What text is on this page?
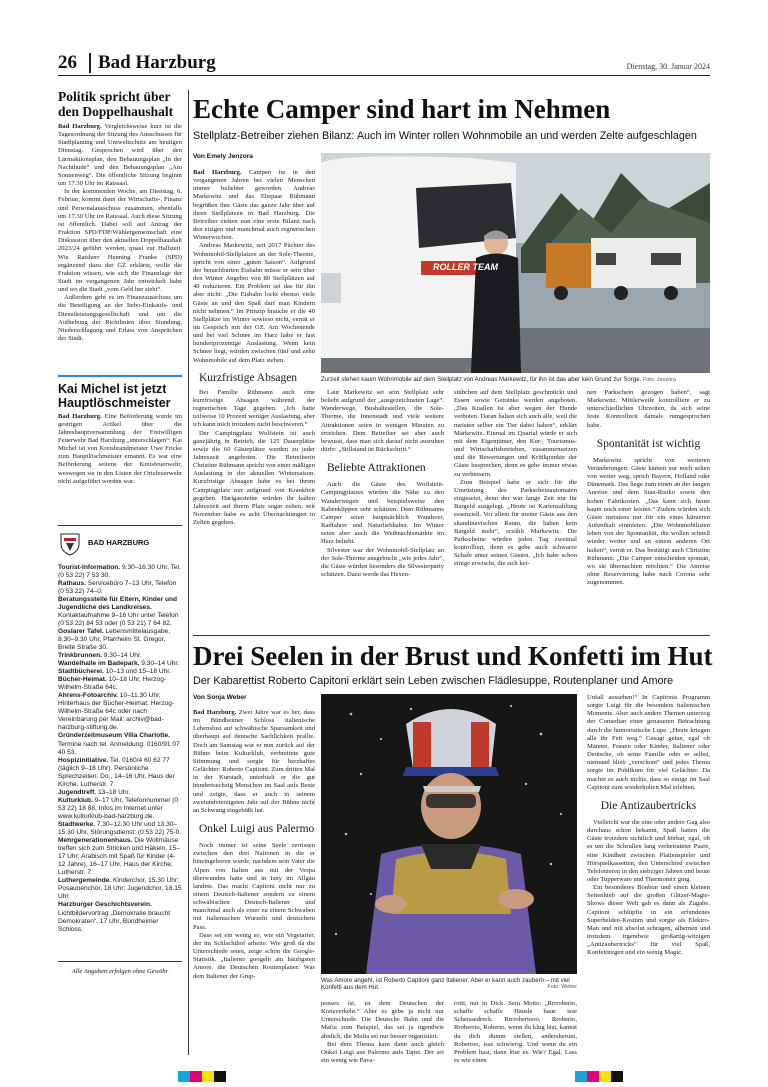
26 Bad Harzburg	Dienstag, 30. Januar 2024
Politik spricht über den Doppelhaushalt

Bad Harzburg. Vergleichsweise kurz ist die Tagesordnung der Sitzung des Ausschusses für Stadtplanung und Umweltschutz am heutigen Dienstag. Gesprochen wird über den Lärmaktionsplan, den Bebauungsplan „In der Nachthude“ und den Bebauungsplan „Am Sonnenweg“. Die öffentliche Sitzung beginnt um 17.30 Uhr im Ratssaal.

In der kommenden Woche, am Dienstag, 6. Februar, kommt dann der Wirtschafts-, Finanz und Personalausschuss zusammen, ebenfalls um 17.30 Uhr im Ratssaal. Auch diese Sitzung ist öffentlich. Dabei soll auf Antrag der Fraktion SPD/FDP/Wählergemeinschaft eine Diskussion über den aktuellen Doppelhaushalt 2023/24 geführt werden, quasi zur Halbzeit. Wie Ratsherr Henning Franke (SPD) ergänzend dazu der GZ erklärte, wolle die Fraktion wissen, wie sich die Finanzlage der Stadt im vergangenen Jahr entwickelt habe und wo die Stadt „vom Geld her steht“.

Außerdem geht es im Finanzausschuss um die Beteiligung an der Itebo-Einkaufs- und Dienstleistungsgesellschaft und um die Aufhebung der Richtlinien über Stundung, Niederschlagung und Erlass von Ansprüchen der Stadt.

Kai Michel ist jetzt Hauptlöschmeister

Bad Harzburg. Eine Beförderung wurde im gestrigen Artikel über die Jahreshauptversammlung der Freiwilligen Feuerwehr Bad Harzburg „unterschlagen“: Kai Michel ist von Kreisbrandmeister Uwe Fricke zum Hauptlöschmeister ernannt. Es war eine Beförderung seitens der Kreisfeuerwehr, weswegen sie in den Listen der Ortsfeuerwehr nicht aufgeführt worden war.

BAD HARZBURG
Tourist-Information. 9.30–16.30 Uhr, Tel. (0 53 22) 7 53 30.
Rathaus. Servicebüro 7–13 Uhr, Telefon (0 53 22) 74–0.
Beratungsstelle für Eltern, Kinder und Jugendliche des Landkreises. Kontaktaufnahme 9–16 Uhr unter Telefon (0 53 22) 84 53 oder (0 53 21) 7 64 82.
Goslarer Tafel. Lebensmittelausgabe, 8.30–9.30 Uhr, Pfarrheim St. Gregor, Breite Straße 30.
Trinkbrunnen. 9.30–14 Uhr.
Wandelhalle im Badepark. 9.30–14 Uhr.
Stadtbücherei. 10–13 und 15–18 Uhr.
Bücher-Heimat. 10–18 Uhr, Herzog-Wilhelm-Straße 64c.
Ahrens-Fotoarchiv. 10–11.30 Uhr, Hinterhaus der Bücher-Heimat, Herzog-Wilhelm-Straße 64c oder nach Vereinbarung per Mail: archiv@bad-harzburg-stiftung.de.
Gründerzeitmuseum Villa Charlotte. Termine nach tel. Anmeldung: 0160/91 07 40 53.
Hospizinitiative. Tel. 0160/4 60 62 77 (täglich 9–18 Uhr). Persönliche Sprechzeiten: Do., 14–16 Uhr, Haus der Kirche, Lutherstr. 7.
Jugendtreff. 13–18 Uhr.
Kulturklub. 9–17 Uhr, Telefonnummer (0 53 22) 18 88, Infos im Internet unter www.kulturklub-bad-harzburg.de.
Stadtwerke. 7.30–12.30 Uhr und 13.30–15.30 Uhr, Störungsdienst: (0 53 22) 75-0.
Mehrgenerationenhaus. Die Wollmäuse treffen sich zum Stricken und Häkeln, 15–17 Uhr; Arabisch mit Spaß für Kinder (4-12 Jahre), 16–17 Uhr, Haus der Kirche, Lutherstr. 7.
Luthergemeinde. Kinderchor, 15.30 Uhr; Posaunenchor, 18 Uhr; Jugendchor, 18.15 Uhr.
Harzburger Geschichtsverein. Lichtbildervortrag „Demokratie braucht Demokraten“, 17 Uhr, Bündheimer Schloss.
Alle Angaben erfolgen ohne Gewähr
Echte Camper sind hart im Nehmen
Stellplatz-Betreiber ziehen Bilanz: Auch im Winter rollen Wohnmobile an und werden Zelte aufgeschlagen
Von Emely Jenzora

Bad Harzburg. Campen ist in den vergangenen Jahren bei vielen Menschen immer beliebter geworden. Andreas Markewitz und das Ehepaar Rühmann begrüßen ihre Gäste das ganze Jahr über auf ihren Stellplätzen in Bad Harzburg. Die Betreiber ziehen nun eine erste Bilanz nach den eisigen und manchmal auch regnerischen Winterwochen.

Andreas Markewitz, seit 2017 Pächter des Wohnmobil-Stellplatzes an der Sole-Therme, spricht von einer „guten Saison“. Aufgrund der benachbarten Eisbahn müsse er sein über den Winter Angebot von 80 Stellplätzen auf 40 reduzieren. Ein Problem sei das für ihn aber nicht: „Die Eisbahn lockt ebenso viele Gäste an und den Spaß darf man Kindern nicht nehmen.“ Im Prinzip brauche er die 40 Stellplätze im Winter sowieso nicht, verrät er im Gespräch mit der GZ. Am Wochenende und bei viel Schnee im Harz habe er fast hundertprozentige Auslastung. Wenn kein Schnee liegt, würden zwischen fünf und zehn Wohnmobile auf dem Platz stehen.

Kurzfristige Absagen

Bei Familie Rühmann auch eine kurzfristige Absagen während der regnerischen Tage gegeben. „Ich hatte teilweise 10 Prozent weniger Auslastung, aber ich kann mich trotzdem nicht beschweren.“

Der Campingplatz Wolfstein ist auch ganzjährig in Betrieb, die 125 Dauerplätze sowie die 60 Gästeplätze werden zu jeder Jahreszeit angeboten. Die Betreiberin Christine Rühmann spricht von einer mäßigen Auslastung in der aktuellen Wintersaison. Kurzfristige Absagen habe es bei ihrem Campingplatz nur aufgrund von Krankheit gegeben. Harlgaesteine würden ihr kalten Jahreszeit auf ihrem Platz sogar zelten, seit November habe es acht Übernachtungen in Zelten gegeben.

ROLLER TEAM
Zurzeit stehen kaum Wohnmobile auf dem Stellplatz von Andreas Markewitz, für ihn ist das aber kein Grund zur Sorge. Foto: Jenzora

Laut Markewitz sei sein Stellplatz sehr beliebt aufgrund der „ausgezeichneten Lage“. Wanderwege, Bushaltestellen, die Sole-Therme, die Innenstadt und viele weitere Attraktionen seien in wenigen Minuten zu erreichen. Dem Betreiber sei aber auch bewusst, dass man sich darauf nicht ausruhen dürfe: „Stillstand ist Rückschritt.“

Beliebte Attraktionen

Auch die Gäste des Wolfstein-Campingplatzes würden die Nähe zu den Wanderwegen und beispielsweise den Rabenklippen sehr schätzen. Dem Rühmanns Camper seien hauptsächlich Wanderer, Radfahrer und Naturliebhaber. Im Winter seien aber auch die Weihnachtsmärkte im Harz beliebt.

Silvester war der Wohnmobil-Stellplatz an der Sole-Therme ausgebucht „wie jedes Jahr“, die Gäste würden besonders die Silvesterparty schätzen. Dazu werde das Hexen-

stübchen auf dem Stellplatz geschmückt und Essen sowie Getränke werden angeboten. „Das Knallen ist aber wegen der Hunde verboten. Daran halten sich auch alle, weil die meisten selber ein Tier dabei haben“, erklärt Markewitz. Einmal im Quartal würde er sich mit dem Eigentümer, den Kur-, Tourismus- und Wirtschaftsbetrieben, zusammensetzen und die Bewertungen und Kritikpunkte der Gäste besprechen, denn es gebe immer etwas zu verbessern.

Zum Beispiel habe er sich für die Umrüstung des Parkscheinautomaten eingesetzt, denn der war lange Zeit nur für Bargeld ausgelegt. „Heute ist Kartenzahlung essenziell. Vor allem für meine Gäste aus den skandinavischen Raum, die haben kein Bargeld mehr“, erzählt Markewitz. Die Parkscheine würden jeden Tag zweimal kontrolliert, denn es gebe auch schwarze Schafe unter seinen Gästen. „Ich habe schon einige erwischt, die sich kei-

nen Parkschein gezogen haben“, sagt Markewitz. Mittlerweile kontrolliere er zu unterschiedlichen Uhrzeiten, da sich seine feste Kontrollzeit damals rumgesprochen habe.

Spontanität ist wichtig

Markewitz spricht von weiteren Veränderungen: Gäste kämen nur noch selten von weiter weg, sprich Bayern, Holland oder Dänemark. Das liege zum einen an der langen Anreise und dem Stau-Risiko sowie den hohen Fahrtkosten. „Das kann sich heute kaum noch einer leisten.“ Zudem würden sich Gäste meistens nur für ein eines kürzeren Aufenthalt einmieten. „Die Wohnmobilisten leben von der Spontanität, die wollen schnell wieder weiter und an einem anderen Ort halten“, verrät er. Das bestätigt auch Christine Rühmann: „Die Camper entscheiden spontan, wo sie übernachten möchten.“ Die Anreise ohne Reservierung habe nach Corona sehr zugenommen.

Drei Seelen in der Brust und Konfetti im Hut
Der Kabarettist Roberto Capitoni erklärt sein Leben zwischen Flädlesuppe, Routenplaner und Amore
Von Sonja Weber

Bad Harzburg. Zwei Jahre war es her, dass im Bündheimer Schloss italienische Lebenslust auf schwäbische Sparsamkeit und überhaupt auf deutsche Sachlichkeit prallte. Doch am Samstag war er nun zurück auf der Bühne beim Kulturklub, verbreitete gute Stimmung und sorgte für herzhaftes Gelächter: Roberto Capitoni. Zum dritten Mal in der Kurstadt, unterhielt er die gut hundertsechzig Menschen im Saal aufs Beste und zeigte, dass er auch in seinem zweiundvierzigsten Jahr auf der Bühne nicht an Schwung eingebüßt hat.

Onkel Luigi aus Palermo

Noch immer ist seine Seele zerrissen zwischen den drei Nationen in die er hineingeboren wurde, nachdem sein Vater die Alpen von Italien aus mit der Vespa überwunden hatte und in Isny im Allgäu landete. Das macht Capitoni nicht nur zu einem Deutsch-Italiener sondern zu einem schwäbischen Deutsch-Italiener und manchmal auch als einer zu einem Schwaben mit italienischen Wurzeln und deutschem Pass.

Dass sei ein wenig so, wie ein Vegetarier, der im Schlachthof arbeite. Wie groß da die Unterschiede seien, zeige schon die Google-Statistik. „Italiener googeln am häufigsten Amore, die Deutschen Routenplaner. Was dem Italiener der Grup-

Was Amore angeht, ist Roberto Capitoni ganz Italiener. Aber er kann auch zaubern – mit viel Konfetti aus dem Hut.	Foto: Weber

pensex ist, ist dem Deutschen der Kreisverkehr.“ Aber es gebe ja nicht nur Unterschiede. Die Deutsche Bahn und die Mafia zum Beispiel, das sei ja irgendwie ähnlich, die Mafia sei nur besser organisiert.

Bei dem Thema kam dann auch gleich Onkel Luigi aus Palermo aufs Tapet. Der sei ein wenig wie Pava-

rotti, nur in Dick. Sein Motto: „Rrrroberto, schaffe schaffe Häusle baue isse Scheissedreck. Rrrrobertooo, Rroberto, Rroberrto, Roberto, wenn du klug bist, kannst du dich dumm stellen, andersherum, Robertoo, isse schwierig. Und wenn du ein Problem hast, dann löse es. Wie? Egal, Lass es wie einen

Unfall aussehen!“ In Capitonis Programm sorgte Luigi für die besonders italienischen Momente. Aber auch andere Themen unterzog der Comedian einer genaueren Betrachtung durch die humoristische Lupe. „Heute kriegen alle ihr Fett weg.“ Gesagt getan, egal ob Männer, Frauen oder Kinder, Italiener oder Deutsche, ob seine Familie oder er selbst, niemand blieb „verschont“ und jedes Thema sorgte im Publikum für viel Gelächter. Da machte es auch nichts, dass so einige im Saal Capitoni zum wiederholten Mal erlebten.

Die Antizaubertricks

Vielleicht war die eine oder andere Gag also durchaus schon bekannt, Spaß hatten die Gäste trotzdem sichtlich und hörbar, egal, ob es um die Schrullen lang verheirateter Paare, eine Kindheit zwischen Plattenspieler und Hörspielkassetten, den Unterschied zwischen Telefonieren in den siebziger Jahren und heute oder Tupperware und Thermomix ging.

Ein besonderes Bonbon und einen kleinen Seitenhieb auf die großen Glitzer-Magie-Shows dieser Welt gab es dann als Zugabe. Capitoni schlüpfte in ein erfundenes Superhelden-Kostüm und sorgte als Elektro-Man und mit absolut schrägen, albernen und trotzdem irgendwie großartig-witzigen „Antizaubertricks“ für viel Spaß, Konfettiregen und ein wenig Magic.
